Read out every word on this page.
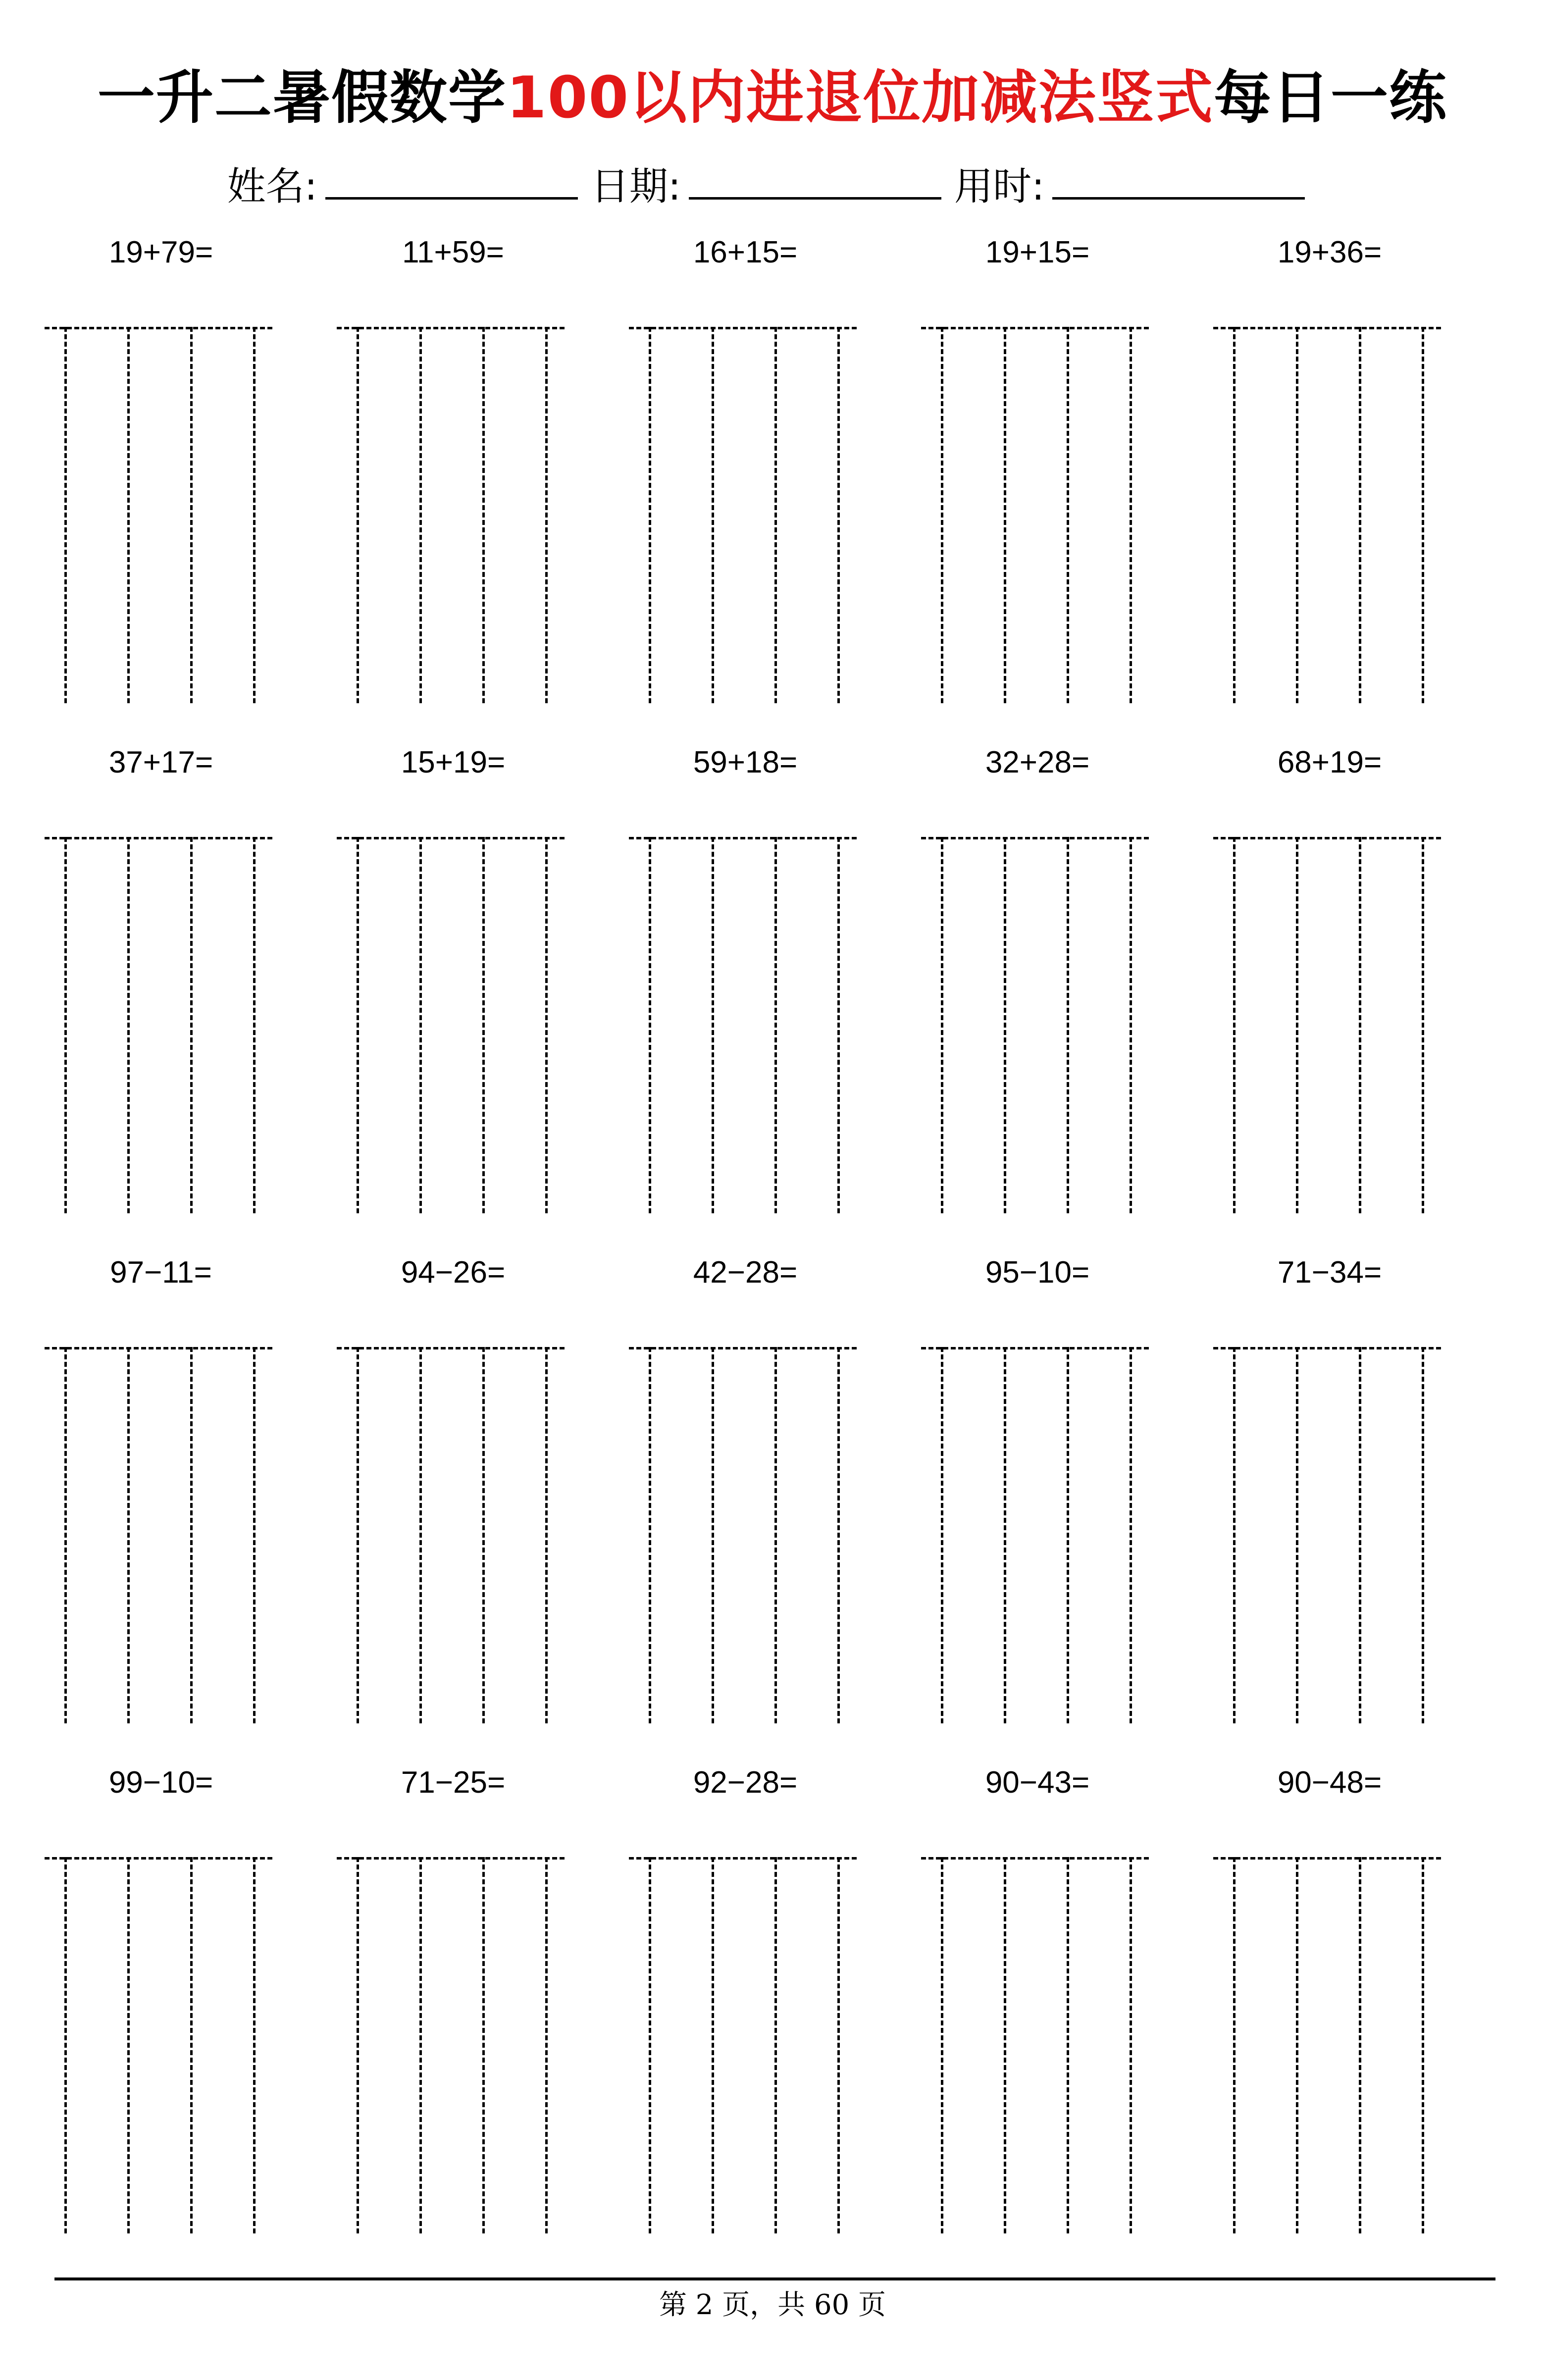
一升二暑假数学100以内进退位加减法竖式每日一练
姓名:	日期:	用时:
19+79=	11+59=	16+15=	19+15=	19+36=
37+17=	15+19=	59+18=	32+28=	68+19=
97−11=	94−26=	42−28=	95−10=	71−34=
99−10=	71−25=	92−28=	90−43=	90−48=
第 2 页，共 60 页
